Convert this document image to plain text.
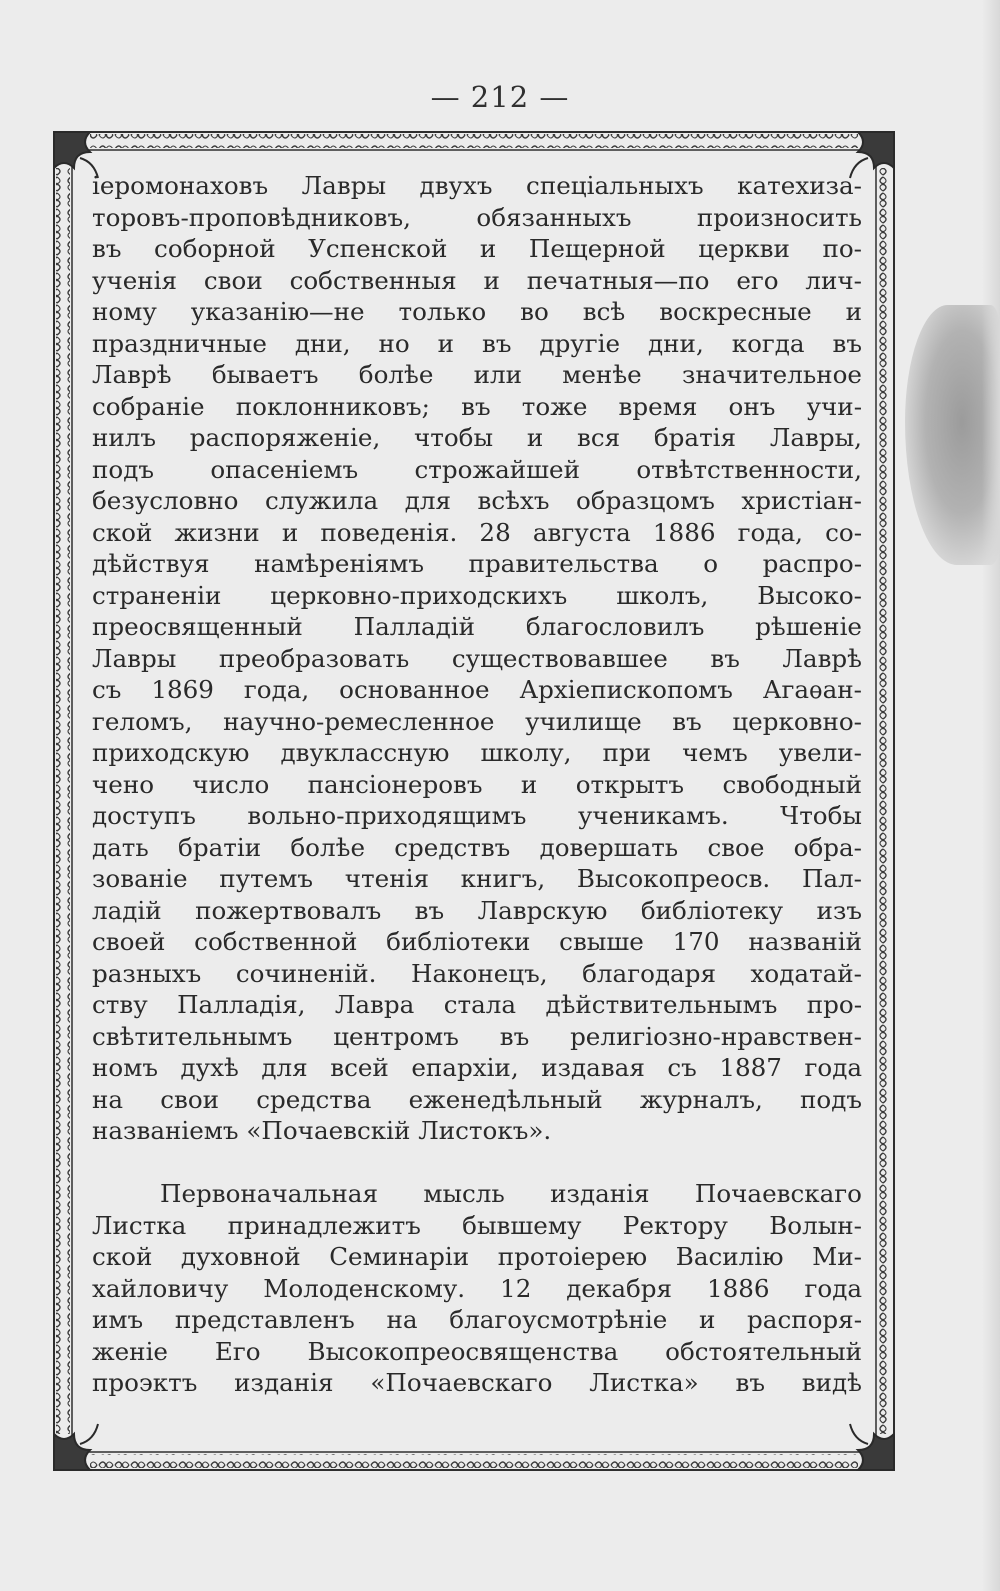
— 212 —
іеромонаховъ Лавры двухъ спеціальныхъ катехиза-
торовъ-проповѣдниковъ, обязанныхъ произносить
въ соборной Успенской и Пещерной церкви по-
ученія свои собственныя и печатныя—по его лич-
ному указанію—не только во всѣ воскресные и
праздничные дни, но и въ другіе дни, когда въ
Лаврѣ бываетъ болѣе или менѣе значительное
собраніе поклонниковъ; въ тоже время онъ учи-
нилъ распоряженіе, чтобы и вся братія Лавры,
подъ опасеніемъ строжайшей отвѣтственности,
безусловно служила для всѣхъ образцомъ христіан-
ской жизни и поведенія. 28 августа 1886 года, со-
дѣйствуя намѣреніямъ правительства о распро-
страненіи церковно-приходскихъ школъ, Высоко-
преосвященный Палладій благословилъ рѣшеніе
Лавры преобразовать существовавшее въ Лаврѣ
съ 1869 года, основанное Архіепископомъ Агаѳан-
геломъ, научно-ремесленное училище въ церковно-
приходскую двуклассную школу, при чемъ увели-
чено число пансіонеровъ и открытъ свободный
доступъ вольно-приходящимъ ученикамъ. Чтобы
дать братіи болѣе средствъ довершать свое обра-
зованіе путемъ чтенія книгъ, Высокопреосв. Пал-
ладій пожертвовалъ въ Лаврскую библіотеку изъ
своей собственной библіотеки свыше 170 названій
разныхъ сочиненій. Наконецъ, благодаря ходатай-
ству Палладія, Лавра стала дѣйствительнымъ про-
свѣтительнымъ центромъ въ религіозно-нравствен-
номъ духѣ для всей епархіи, издавая съ 1887 года
на свои средства еженедѣльный журналъ, подъ
названіемъ «Почаевскій Листокъ».
Первоначальная мысль изданія Почаевскаго
Листка принадлежитъ бывшему Ректору Волын-
ской духовной Семинаріи протоіерею Василію Ми-
хайловичу Молоденскому. 12 декабря 1886 года
имъ представленъ на благоусмотрѣніе и распоря-
женіе Его Высокопреосвященства обстоятельный
проэктъ изданія «Почаевскаго Листка» въ видѣ
